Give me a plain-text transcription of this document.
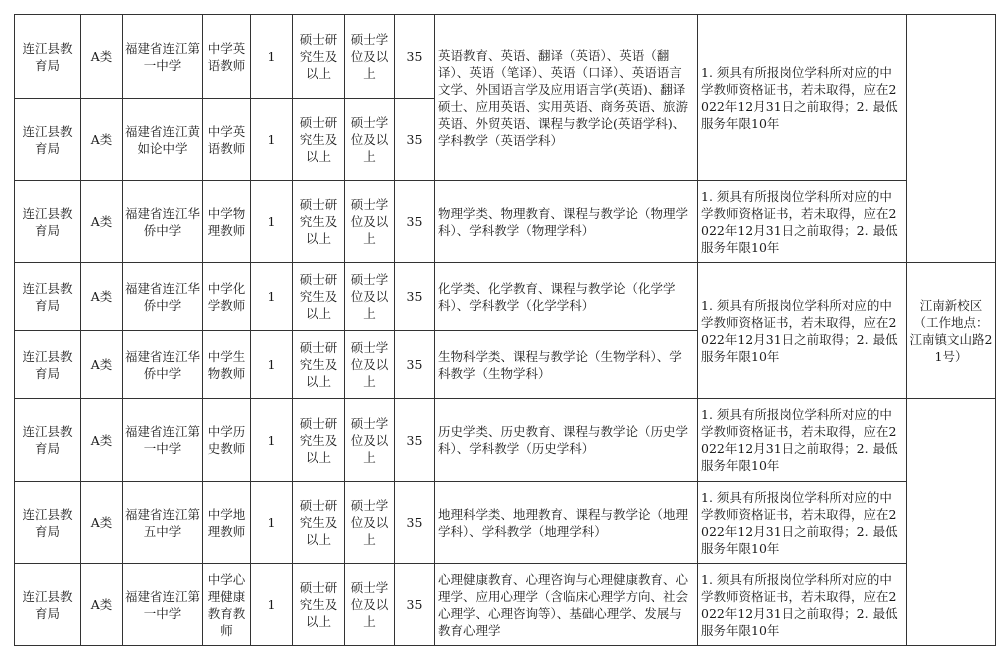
连江县教育局	A类	福建省连江第一中学	中学英语教师	1	硕士研究生及以上	硕士学位及以上	35	英语教育、英语、翻译（英语）、英语（翻译）、英语（笔译）、英语（口译）、英语语言文学、外国语言学及应用语言学(英语)、翻译硕士、应用英语、实用英语、商务英语、旅游英语、外贸英语、课程与教学论(英语学科)、学科教学（英语学科）	1. 须具有所报岗位学科所对应的中学教师资格证书，若未取得，应在2022年12月31日之前取得；2. 最低服务年限10年	
连江县教育局	A类	福建省连江黄如论中学	中学英语教师	1	硕士研究生及以上	硕士学位及以上	35			
连江县教育局	A类	福建省连江华侨中学	中学物理教师	1	硕士研究生及以上	硕士学位及以上	35	物理学类、物理教育、课程与教学论（物理学科）、学科教学（物理学科）	1. 须具有所报岗位学科所对应的中学教师资格证书，若未取得，应在2022年12月31日之前取得；2. 最低服务年限10年	
连江县教育局	A类	福建省连江华侨中学	中学化学教师	1	硕士研究生及以上	硕士学位及以上	35	化学类、化学教育、课程与教学论（化学学科）、学科教学（化学学科）	1. 须具有所报岗位学科所对应的中学教师资格证书，若未取得，应在2022年12月31日之前取得；2. 最低服务年限10年	江南新校区（工作地点：江南镇文山路21号）
连江县教育局	A类	福建省连江华侨中学	中学生物教师	1	硕士研究生及以上	硕士学位及以上	35	生物科学类、课程与教学论（生物学科）、学科教学（生物学科）		
连江县教育局	A类	福建省连江第一中学	中学历史教师	1	硕士研究生及以上	硕士学位及以上	35	历史学类、历史教育、课程与教学论（历史学科）、学科教学（历史学科）	1. 须具有所报岗位学科所对应的中学教师资格证书，若未取得，应在2022年12月31日之前取得；2. 最低服务年限10年	
连江县教育局	A类	福建省连江第五中学	中学地理教师	1	硕士研究生及以上	硕士学位及以上	35	地理科学类、地理教育、课程与教学论（地理学科）、学科教学（地理学科）	1. 须具有所报岗位学科所对应的中学教师资格证书，若未取得，应在2022年12月31日之前取得；2. 最低服务年限10年	
连江县教育局	A类	福建省连江第一中学	中学心理健康教育教师	1	硕士研究生及以上	硕士学位及以上	35	心理健康教育、心理咨询与心理健康教育、心理学、应用心理学（含临床心理学方向、社会心理学、心理咨询等）、基础心理学、发展与教育心理学	1. 须具有所报岗位学科所对应的中学教师资格证书，若未取得，应在2022年12月31日之前取得；2. 最低服务年限10年	
